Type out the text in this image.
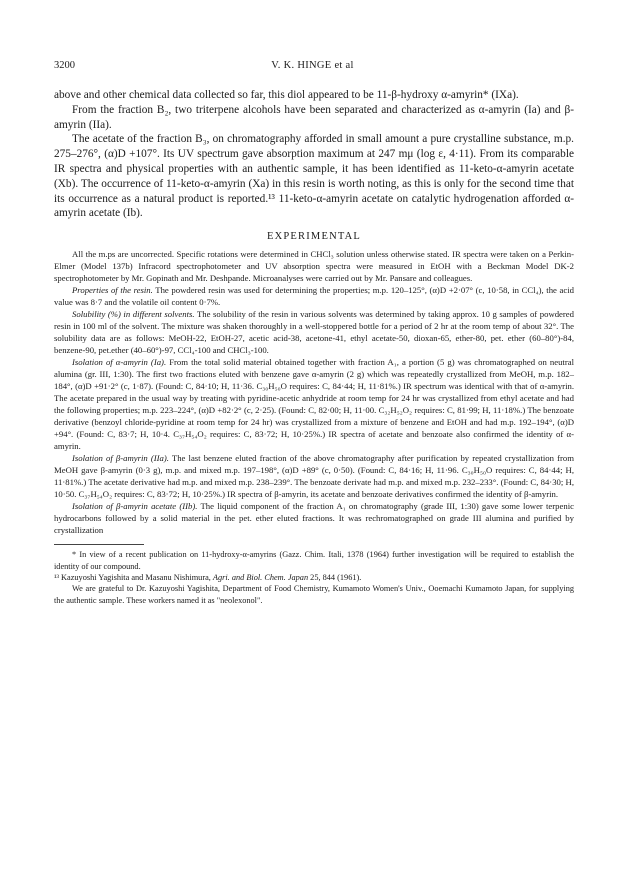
3200	V. K. HINGE et al

above and other chemical data collected so far, this diol appeared to be 11-β-hydroxy α-amyrin* (IXa).

From the fraction B₂, two triterpene alcohols have been separated and characterized as α-amyrin (Ia) and β-amyrin (IIa).

The acetate of the fraction B₃, on chromatography afforded in small amount a pure crystalline substance, m.p. 275–276°, (α)D +107°. Its UV spectrum gave absorption maximum at 247 mμ (log ε, 4·11). From its comparable IR spectra and physical properties with an authentic sample, it has been identified as 11-keto-α-amyrin acetate (Xb). The occurrence of 11-keto-α-amyrin (Xa) in this resin is worth noting, as this is only for the second time that its occurrence as a natural product is reported.¹³ 11-keto-α-amyrin acetate on catalytic hydrogenation afforded α-amyrin acetate (Ib).

EXPERIMENTAL

All the m.ps are uncorrected. Specific rotations were determined in CHCl₃ solution unless otherwise stated. IR spectra were taken on a Perkin-Elmer (Model 137b) Infracord spectrophotometer and UV absorption spectra were measured in EtOH with a Beckman Model DK-2 spectrophotometer by Mr. Gopinath and Mr. Deshpande. Microanalyses were carried out by Mr. Pansare and colleagues.

Properties of the resin. The powdered resin was used for determining the properties; m.p. 120–125°, (α)D +2·07° (c, 10·58, in CCl₄), the acid value was 8·7 and the volatile oil content 0·7%.

Solubility (%) in different solvents. The solubility of the resin in various solvents was determined by taking approx. 10 g samples of powdered resin in 100 ml of the solvent. The mixture was shaken thoroughly in a well-stoppered bottle for a period of 2 hr at the room temp of about 32°. The solubility data are as follows: MeOH-22, EtOH-27, acetic acid-38, acetone-41, ethyl acetate-50, dioxan-65, ether-80, pet. ether (60–80°)-84, benzene-90, pet.ether (40–60°)-97, CCl₄-100 and CHCl₃-100.

Isolation of α-amyrin (Ia). From the total solid material obtained together with fraction A₁, a portion (5 g) was chromatographed on neutral alumina (gr. III, 1:30). The first two fractions eluted with benzene gave α-amyrin (2 g) which was repeatedly crystallized from MeOH, m.p. 182–184°, (α)D +91·2° (c, 1·87). (Found: C, 84·10; H, 11·36. C₃₀H₅₀O requires: C, 84·44; H, 11·81%.) IR spectrum was identical with that of α-amyrin. The acetate prepared in the usual way by treating with pyridine-acetic anhydride at room temp for 24 hr was crystallized from ethyl acetate and had the following properties; m.p. 223–224°, (α)D +82·2° (c, 2·25). (Found: C, 82·00; H, 11·00. C₃₂H₅₂O₂ requires: C, 81·99; H, 11·18%.) The benzoate derivative (benzoyl chloride-pyridine at room temp for 24 hr) was crystallized from a mixture of benzene and EtOH and had m.p. 192–194°, (α)D +94°. (Found: C, 83·7; H, 10·4. C₃₇H₅₄O₂ requires: C, 83·72; H, 10·25%.) IR spectra of acetate and benzoate also confirmed the identity of α-amyrin.

Isolation of β-amyrin (IIa). The last benzene eluted fraction of the above chromatography after purification by repeated crystallization from MeOH gave β-amyrin (0·3 g), m.p. and mixed m.p. 197–198°, (α)D +89° (c, 0·50). (Found: C, 84·16; H, 11·96. C₃₀H₅₀O requires: C, 84·44; H, 11·81%.) The acetate derivative had m.p. and mixed m.p. 238–239°. The benzoate derivate had m.p. and mixed m.p. 232–233°. (Found: C, 84·30; H, 10·50. C₃₇H₅₄O₂ requires: C, 83·72; H, 10·25%.) IR spectra of β-amyrin, its acetate and benzoate derivatives confirmed the identity of β-amyrin.

Isolation of β-amyrin acetate (IIb). The liquid component of the fraction A₁ on chromatography (grade III, 1:30) gave some lower terpenic hydrocarbons followed by a solid material in the pet. ether eluted fractions. It was rechromatographed on grade III alumina and purified by crystallization

* In view of a recent publication on 11-hydroxy-α-amyrins (Gazz. Chim. Itali, 1378 (1964) further investigation will be required to establish the identity of our compound.

¹³ Kazuyoshi Yagishita and Masanu Nishimura, Agri. and Biol. Chem. Japan 25, 844 (1961).

We are grateful to Dr. Kazuyoshi Yagishita, Department of Food Chemistry, Kumamoto Women's Univ., Ooemachi Kumamoto Japan, for supplying the authentic sample. These workers named it as "neolexonol".
